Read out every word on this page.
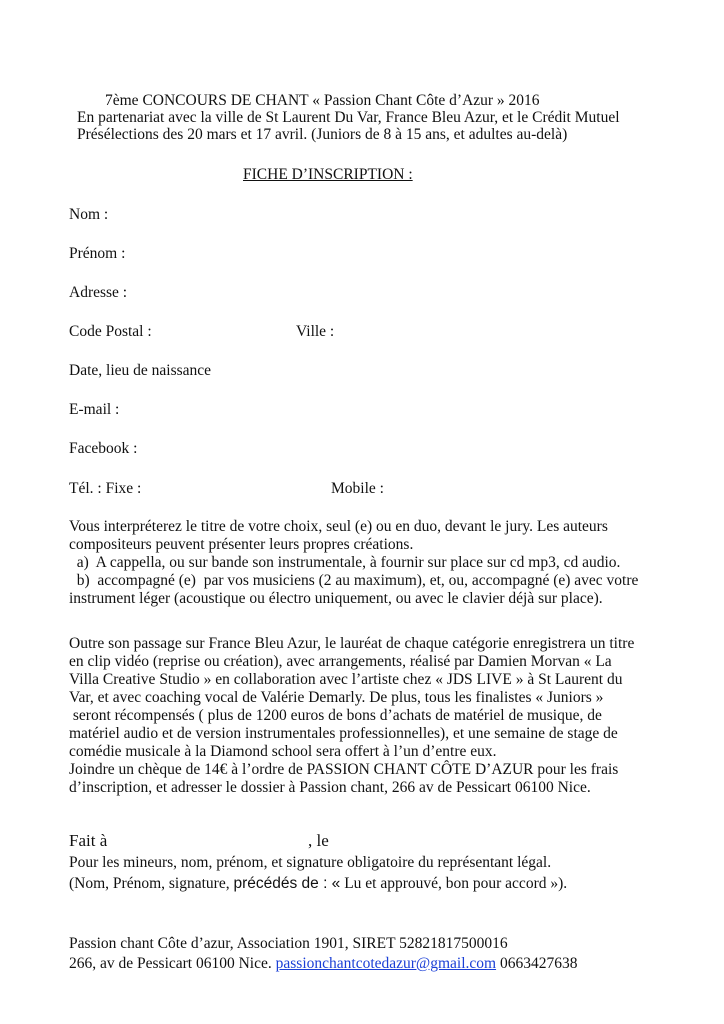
7ème CONCOURS DE CHANT « Passion Chant Côte d’Azur » 2016
En partenariat avec la ville de St Laurent Du Var, France Bleu Azur, et le Crédit Mutuel
Présélections des 20 mars et 17 avril. (Juniors de 8 à 15 ans, et adultes au-delà)
FICHE D’INSCRIPTION :
Nom :
Prénom :
Adresse :
Code Postal :	Ville :
Date, lieu de naissance
E-mail :
Facebook :
Tél. : Fixe :	Mobile :
Vous interpréterez le titre de votre choix, seul (e) ou en duo, devant le jury. Les auteurs
compositeurs peuvent présenter leurs propres créations.
a)  A cappella, ou sur bande son instrumentale, à fournir sur place sur cd mp3, cd audio.
b)  accompagné (e)  par vos musiciens (2 au maximum), et, ou, accompagné (e) avec votre
instrument léger (acoustique ou électro uniquement, ou avec le clavier déjà sur place).
Outre son passage sur France Bleu Azur, le lauréat de chaque catégorie enregistrera un titre
en clip vidéo (reprise ou création), avec arrangements, réalisé par Damien Morvan « La
Villa Creative Studio » en collaboration avec l’artiste chez « JDS LIVE » à St Laurent du
Var, et avec coaching vocal de Valérie Demarly. De plus, tous les finalistes « Juniors »
seront récompensés ( plus de 1200 euros de bons d’achats de matériel de musique, de
matériel audio et de version instrumentales professionnelles), et une semaine de stage de
comédie musicale à la Diamond school sera offert à l’un d’entre eux.
Joindre un chèque de 14€ à l’ordre de PASSION CHANT CÔTE D’AZUR pour les frais
d’inscription, et adresser le dossier à Passion chant, 266 av de Pessicart 06100 Nice.
Fait à	, le
Pour les mineurs, nom, prénom, et signature obligatoire du représentant légal.
(Nom, Prénom, signature, précédés de : « Lu et approuvé, bon pour accord »).
Passion chant Côte d’azur, Association 1901, SIRET 52821817500016
266, av de Pessicart 06100 Nice. passionchantcotedazur@gmail.com 0663427638
